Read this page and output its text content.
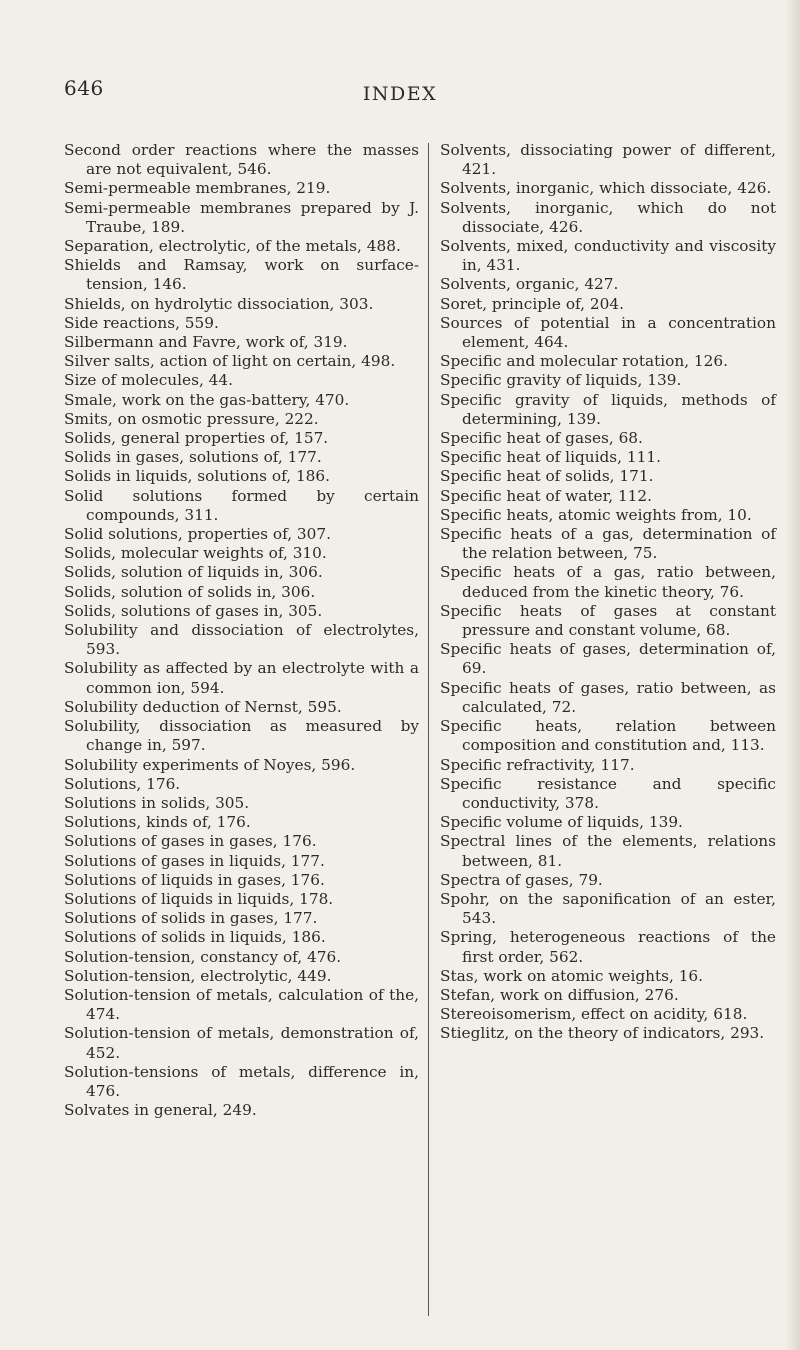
646	INDEX

Second order reactions where the masses are not equivalent, 546.

Semi-permeable membranes, 219.

Semi-permeable membranes prepared by J. Traube, 189.

Separation, electrolytic, of the metals, 488.

Shields and Ramsay, work on surface-tension, 146.

Shields, on hydrolytic dissociation, 303.

Side reactions, 559.

Silbermann and Favre, work of, 319.

Silver salts, action of light on certain, 498.

Size of molecules, 44.

Smale, work on the gas-battery, 470.

Smits, on osmotic pressure, 222.

Solids, general properties of, 157.

Solids in gases, solutions of, 177.

Solids in liquids, solutions of, 186.

Solid solutions formed by certain compounds, 311.

Solid solutions, properties of, 307.

Solids, molecular weights of, 310.

Solids, solution of liquids in, 306.

Solids, solution of solids in, 306.

Solids, solutions of gases in, 305.

Solubility and dissociation of electrolytes, 593.

Solubility as affected by an electrolyte with a common ion, 594.

Solubility deduction of Nernst, 595.

Solubility, dissociation as measured by change in, 597.

Solubility experiments of Noyes, 596.

Solutions, 176.

Solutions in solids, 305.

Solutions, kinds of, 176.

Solutions of gases in gases, 176.

Solutions of gases in liquids, 177.

Solutions of liquids in gases, 176.

Solutions of liquids in liquids, 178.

Solutions of solids in gases, 177.

Solutions of solids in liquids, 186.

Solution-tension, constancy of, 476.

Solution-tension, electrolytic, 449.

Solution-tension of metals, calculation of the, 474.

Solution-tension of metals, demonstration of, 452.

Solution-tensions of metals, difference in, 476.

Solvates in general, 249.

Solvents, dissociating power of different, 421.

Solvents, inorganic, which dissociate, 426.

Solvents, inorganic, which do not dissociate, 426.

Solvents, mixed, conductivity and viscosity in, 431.

Solvents, organic, 427.

Soret, principle of, 204.

Sources of potential in a concentration element, 464.

Specific and molecular rotation, 126.

Specific gravity of liquids, 139.

Specific gravity of liquids, methods of determining, 139.

Specific heat of gases, 68.

Specific heat of liquids, 111.

Specific heat of solids, 171.

Specific heat of water, 112.

Specific heats, atomic weights from, 10.

Specific heats of a gas, determination of the relation between, 75.

Specific heats of a gas, ratio between, deduced from the kinetic theory, 76.

Specific heats of gases at constant pressure and constant volume, 68.

Specific heats of gases, determination of, 69.

Specific heats of gases, ratio between, as calculated, 72.

Specific heats, relation between composition and constitution and, 113.

Specific refractivity, 117.

Specific resistance and specific conductivity, 378.

Specific volume of liquids, 139.

Spectral lines of the elements, relations between, 81.

Spectra of gases, 79.

Spohr, on the saponification of an ester, 543.

Spring, heterogeneous reactions of the first order, 562.

Stas, work on atomic weights, 16.

Stefan, work on diffusion, 276.

Stereoisomerism, effect on acidity, 618.

Stieglitz, on the theory of indicators, 293.
